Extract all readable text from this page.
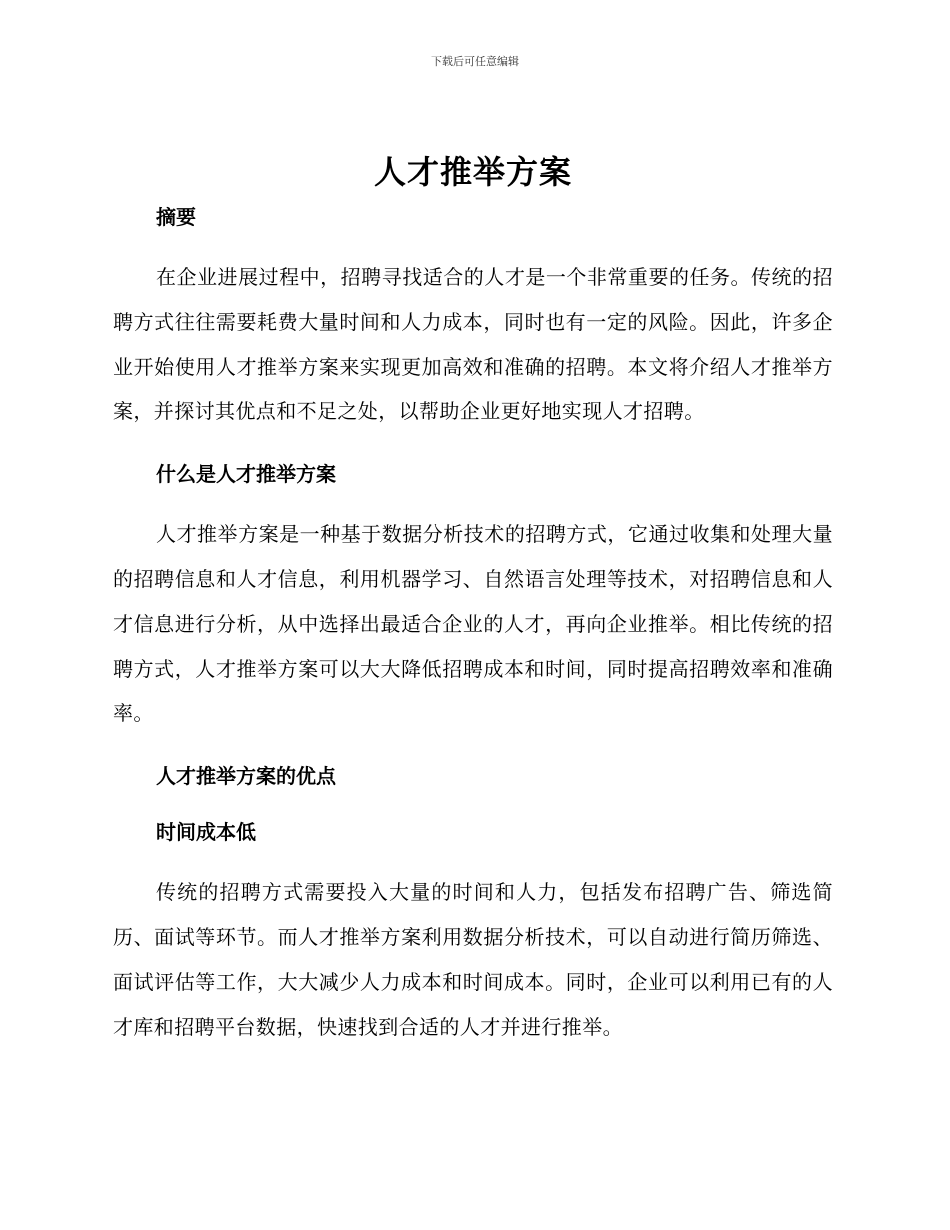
下载后可任意编辑
人才推举方案
摘要

在企业进展过程中，招聘寻找适合的人才是一个非常重要的任务。传统的招聘方式往往需要耗费大量时间和人力成本，同时也有一定的风险。因此，许多企业开始使用人才推举方案来实现更加高效和准确的招聘。本文将介绍人才推举方案，并探讨其优点和不足之处，以帮助企业更好地实现人才招聘。

什么是人才推举方案

人才推举方案是一种基于数据分析技术的招聘方式，它通过收集和处理大量的招聘信息和人才信息，利用机器学习、自然语言处理等技术，对招聘信息和人才信息进行分析，从中选择出最适合企业的人才，再向企业推举。相比传统的招聘方式，人才推举方案可以大大降低招聘成本和时间，同时提高招聘效率和准确率。

人才推举方案的优点
时间成本低

传统的招聘方式需要投入大量的时间和人力，包括发布招聘广告、筛选简历、面试等环节。而人才推举方案利用数据分析技术，可以自动进行简历筛选、面试评估等工作，大大减少人力成本和时间成本。同时，企业可以利用已有的人才库和招聘平台数据，快速找到合适的人才并进行推举。
